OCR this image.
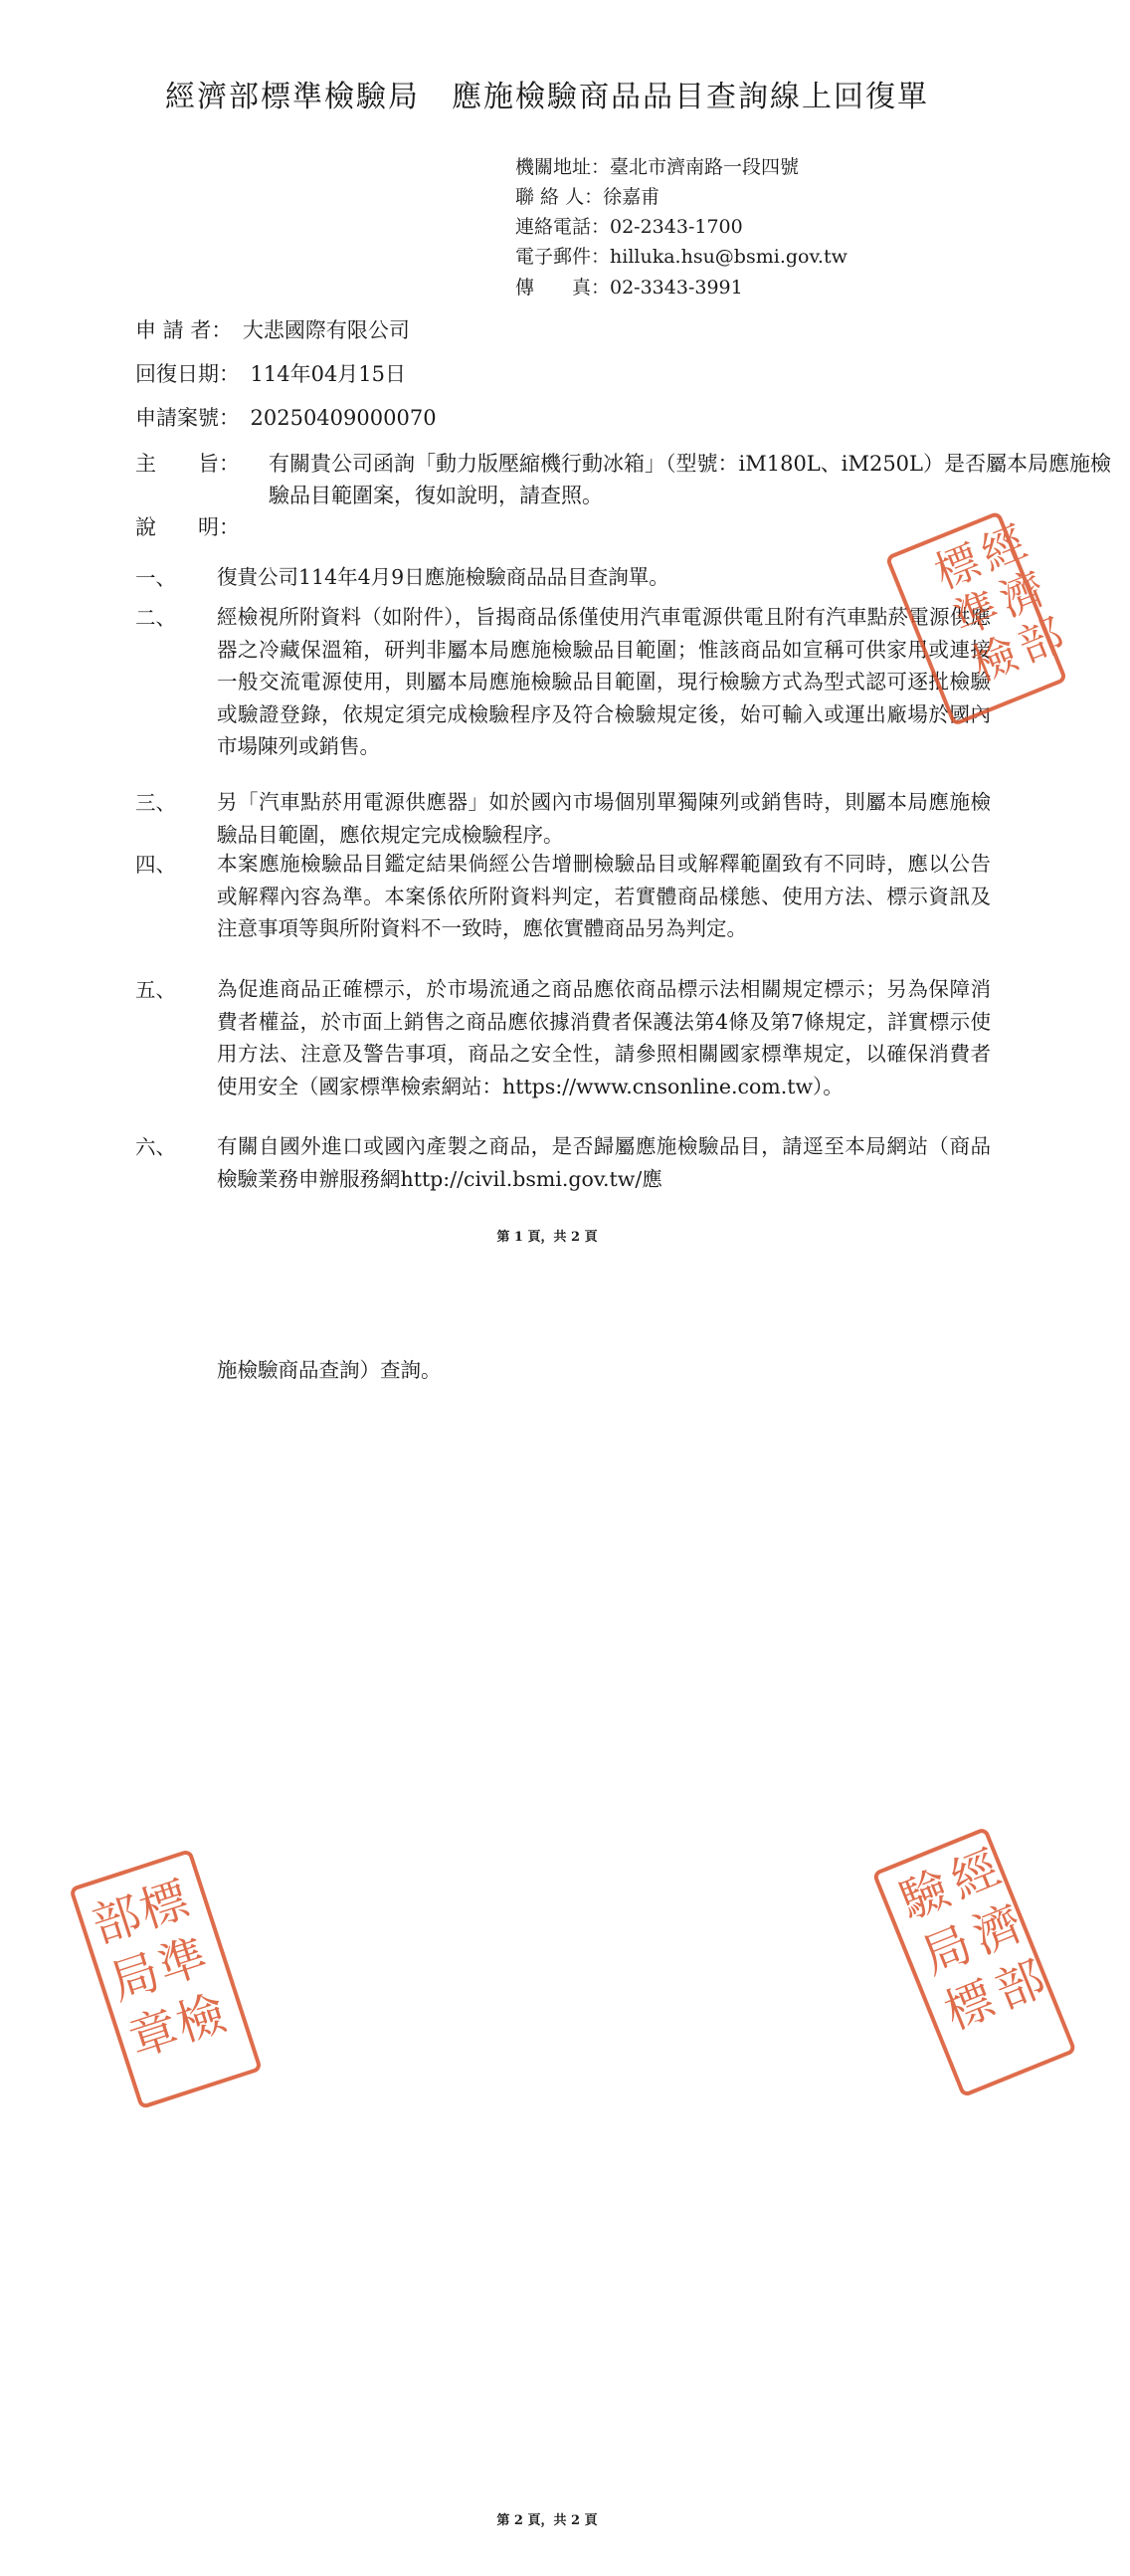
經濟部標準檢驗局　應施檢驗商品品目查詢線上回復單
機關地址：臺北市濟南路一段四號
聯 絡 人：徐嘉甫
連絡電話：02-2343-1700
電子郵件：hilluka.hsu@bsmi.gov.tw
傳　　真：02-3343-3991
申 請 者：　大悲國際有限公司
回復日期：　114年04月15日
申請案號：　20250409000070
主　　旨： 有關貴公司函詢「動力版壓縮機行動冰箱」（型號：iM180L、iM250L）是否屬本局應施檢驗品目範圍案，復如說明，請查照。
說　　明：
一、 復貴公司114年4月9日應施檢驗商品品目查詢單。
二、 經檢視所附資料（如附件），旨揭商品係僅使用汽車電源供電且附有汽車點菸電源供應器之冷藏保溫箱，研判非屬本局應施檢驗品目範圍；惟該商品如宣稱可供家用或連接一般交流電源使用，則屬本局應施檢驗品目範圍，現行檢驗方式為型式認可逐批檢驗或驗證登錄，依規定須完成檢驗程序及符合檢驗規定後，始可輸入或運出廠場於國內市場陳列或銷售。
三、 另「汽車點菸用電源供應器」如於國內市場個別單獨陳列或銷售時，則屬本局應施檢驗品目範圍，應依規定完成檢驗程序。
四、 本案應施檢驗品目鑑定結果倘經公告增刪檢驗品目或解釋範圍致有不同時，應以公告或解釋內容為準。本案係依所附資料判定，若實體商品樣態、使用方法、標示資訊及注意事項等與所附資料不一致時，應依實體商品另為判定。
五、 為促進商品正確標示，於市場流通之商品應依商品標示法相關規定標示；另為保障消費者權益，於市面上銷售之商品應依據消費者保護法第4條及第7條規定，詳實標示使用方法、注意及警告事項，商品之安全性，請參照相關國家標準規定，以確保消費者使用安全（國家標準檢索網站：https://www.cnsonline.com.tw）。
六、 有關自國外進口或國內產製之商品，是否歸屬應施檢驗品目，請逕至本局網站（商品檢驗業務申辦服務網http://civil.bsmi.gov.tw/應
第 1 頁，共 2 頁
施檢驗商品查詢）查詢。
第 2 頁，共 2 頁
經
濟
部
標
準
檢
經
濟
部
驗
局
標
標
準
檢
部
局
章
